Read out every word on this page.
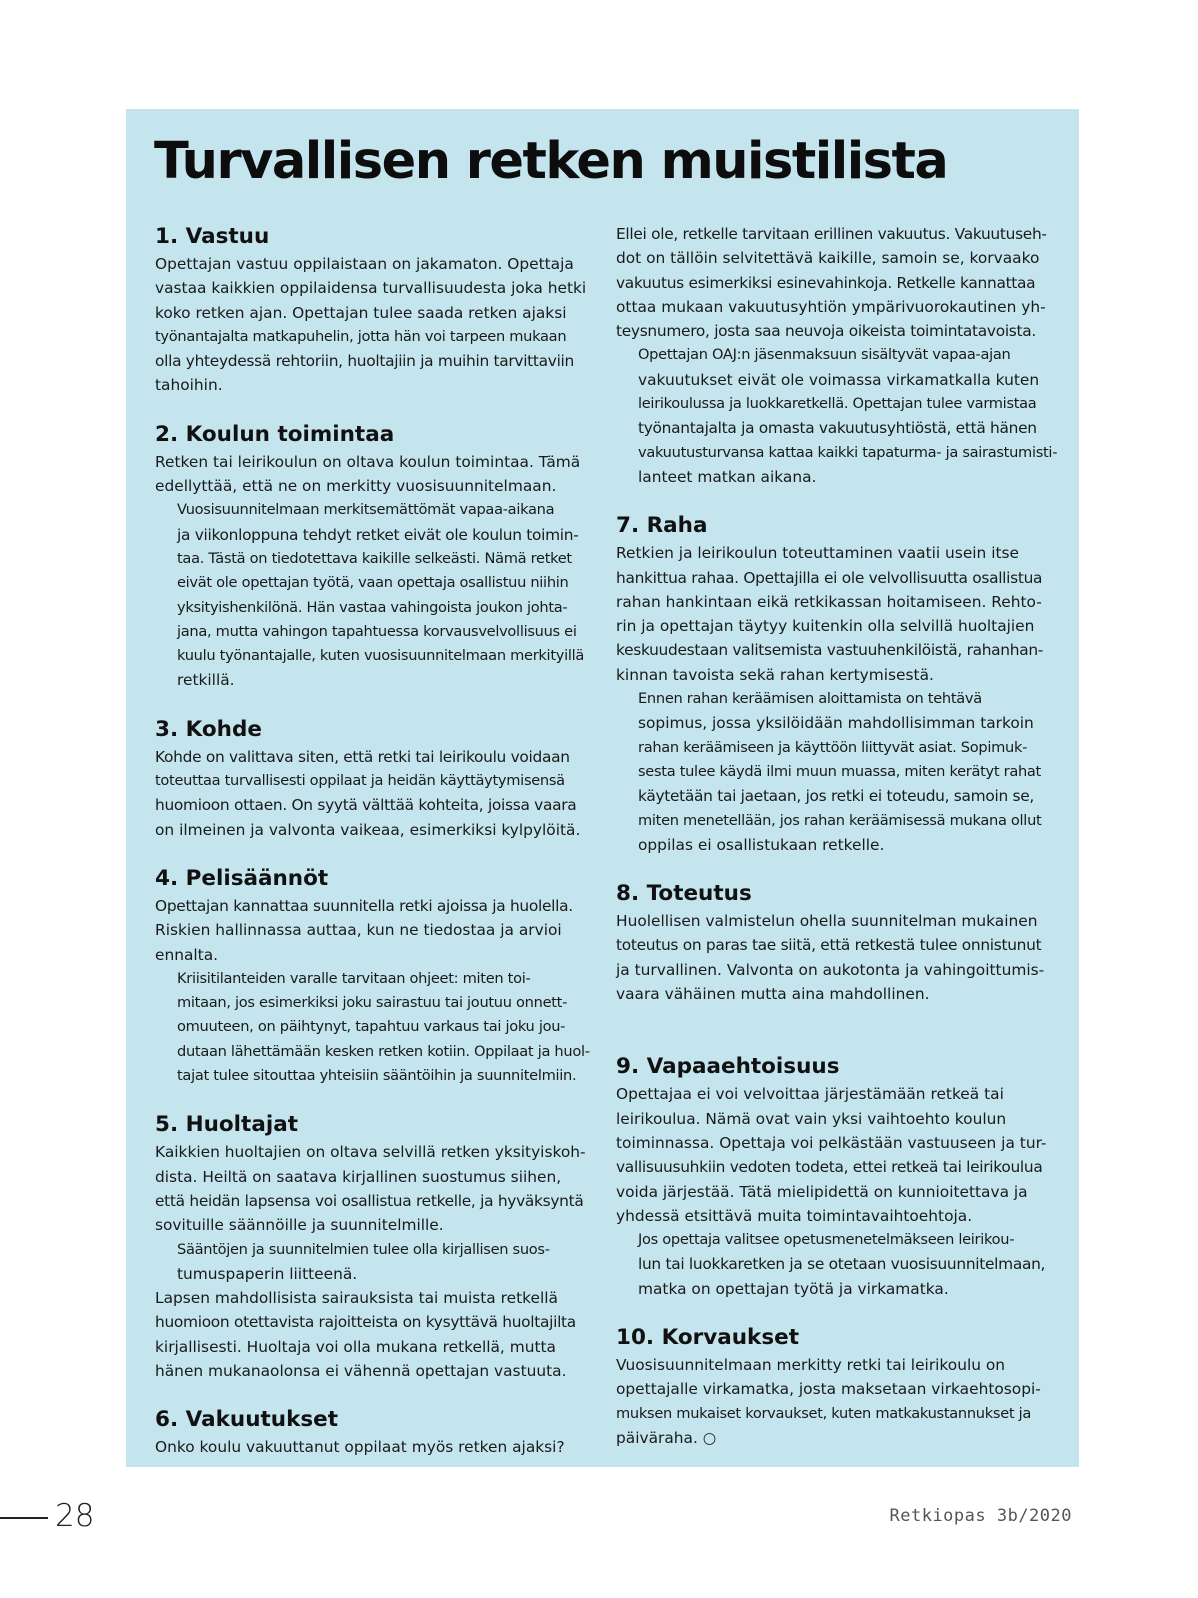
Turvallisen retken muistilista
1. Vastuu

Opettajan vastuu oppilaistaan on jakamaton. Opettaja
vastaa kaikkien oppilaidensa turvallisuudesta joka hetki
koko retken ajan. Opettajan tulee saada retken ajaksi
työnantajalta matkapuhelin, jotta hän voi tarpeen mukaan
olla yhteydessä rehtoriin, huoltajiin ja muihin tarvittaviin
tahoihin.

2. Koulun toimintaa

Retken tai leirikoulun on oltava koulun toimintaa. Tämä
edellyttää, että ne on merkitty vuosisuunnitelmaan.

Vuosisuunnitelmaan merkitsemättömät vapaa-aikana
ja viikonloppuna tehdyt retket eivät ole koulun toimin-
taa. Tästä on tiedotettava kaikille selkeästi. Nämä retket
eivät ole opettajan työtä, vaan opettaja osallistuu niihin
yksityishenkilönä. Hän vastaa vahingoista joukon johta-
jana, mutta vahingon tapahtuessa korvausvelvollisuus ei
kuulu työnantajalle, kuten vuosisuunnitelmaan merkityillä
retkillä.

3. Kohde

Kohde on valittava siten, että retki tai leirikoulu voidaan
toteuttaa turvallisesti oppilaat ja heidän käyttäytymisensä
huomioon ottaen. On syytä välttää kohteita, joissa vaara
on ilmeinen ja valvonta vaikeaa, esimerkiksi kylpylöitä.

4. Pelisäännöt

Opettajan kannattaa suunnitella retki ajoissa ja huolella.
Riskien hallinnassa auttaa, kun ne tiedostaa ja arvioi
ennalta.

Kriisitilanteiden varalle tarvitaan ohjeet: miten toi-
mitaan, jos esimerkiksi joku sairastuu tai joutuu onnett-
omuuteen, on päihtynyt, tapahtuu varkaus tai joku jou-
dutaan lähettämään kesken retken kotiin. Oppilaat ja huol-
tajat tulee sitouttaa yhteisiin sääntöihin ja suunnitelmiin.

5. Huoltajat

Kaikkien huoltajien on oltava selvillä retken yksityiskoh-
dista. Heiltä on saatava kirjallinen suostumus siihen,
että heidän lapsensa voi osallistua retkelle, ja hyväksyntä
sovituille säännöille ja suunnitelmille.

Sääntöjen ja suunnitelmien tulee olla kirjallisen suos-
tumuspaperin liitteenä.

Lapsen mahdollisista sairauksista tai muista retkellä
huomioon otettavista rajoitteista on kysyttävä huoltajilta
kirjallisesti. Huoltaja voi olla mukana retkellä, mutta
hänen mukanaolonsa ei vähennä opettajan vastuuta.

6. Vakuutukset

Onko koulu vakuuttanut oppilaat myös retken ajaksi?

Ellei ole, retkelle tarvitaan erillinen vakuutus. Vakuutuseh-
dot on tällöin selvitettävä kaikille, samoin se, korvaako
vakuutus esimerkiksi esinevahinkoja. Retkelle kannattaa
ottaa mukaan vakuutusyhtiön ympärivuorokautinen yh-
teysnumero, josta saa neuvoja oikeista toimintatavoista.

Opettajan OAJ:n jäsenmaksuun sisältyvät vapaa-ajan
vakuutukset eivät ole voimassa virkamatkalla kuten
leirikoulussa ja luokkaretkellä. Opettajan tulee varmistaa
työnantajalta ja omasta vakuutusyhtiöstä, että hänen
vakuutusturvansa kattaa kaikki tapaturma- ja sairastumisti-
lanteet matkan aikana.

7. Raha

Retkien ja leirikoulun toteuttaminen vaatii usein itse
hankittua rahaa. Opettajilla ei ole velvollisuutta osallistua
rahan hankintaan eikä retkikassan hoitamiseen. Rehto-
rin ja opettajan täytyy kuitenkin olla selvillä huoltajien
keskuudestaan valitsemista vastuuhenkilöistä, rahanhan-
kinnan tavoista sekä rahan kertymisestä.

Ennen rahan keräämisen aloittamista on tehtävä
sopimus, jossa yksilöidään mahdollisimman tarkoin
rahan keräämiseen ja käyttöön liittyvät asiat. Sopimuk-
sesta tulee käydä ilmi muun muassa, miten kerätyt rahat
käytetään tai jaetaan, jos retki ei toteudu, samoin se,
miten menetellään, jos rahan keräämisessä mukana ollut
oppilas ei osallistukaan retkelle.

8. Toteutus

Huolellisen valmistelun ohella suunnitelman mukainen
toteutus on paras tae siitä, että retkestä tulee onnistunut
ja turvallinen. Valvonta on aukotonta ja vahingoittumis-
vaara vähäinen mutta aina mahdollinen.

9. Vapaaehtoisuus

Opettajaa ei voi velvoittaa järjestämään retkeä tai
leirikoulua. Nämä ovat vain yksi vaihtoehto koulun
toiminnassa. Opettaja voi pelkästään vastuuseen ja tur-
vallisuusuhkiin vedoten todeta, ettei retkeä tai leirikoulua
voida järjestää. Tätä mielipidettä on kunnioitettava ja
yhdessä etsittävä muita toimintavaihtoehtoja.

Jos opettaja valitsee opetusmenetelmäkseen leirikou-
lun tai luokkaretken ja se otetaan vuosisuunnitelmaan,
matka on opettajan työtä ja virkamatka.

10. Korvaukset

Vuosisuunnitelmaan merkitty retki tai leirikoulu on
opettajalle virkamatka, josta maksetaan virkaehtosopi-
muksen mukaiset korvaukset, kuten matkakustannukset ja
päiväraha. ○

28	Retkiopas 3b/2020
